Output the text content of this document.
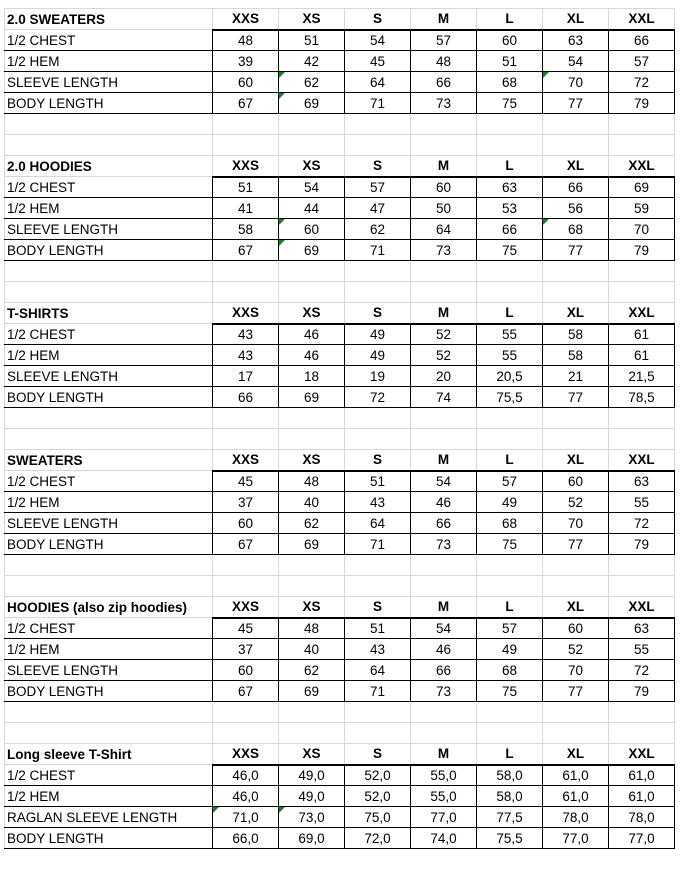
2.0 SWEATERS	XXS	XS	S	M	L	XL	XXL
1/2 CHEST	48	51	54	57	60	63	66
1/2 HEM	39	42	45	48	51	54	57
SLEEVE LENGTH	60	62	64	66	68	70	72
BODY LENGTH	67	69	71	73	75	77	79

2.0 HOODIES	XXS	XS	S	M	L	XL	XXL
1/2 CHEST	51	54	57	60	63	66	69
1/2 HEM	41	44	47	50	53	56	59
SLEEVE LENGTH	58	60	62	64	66	68	70
BODY LENGTH	67	69	71	73	75	77	79

T-SHIRTS	XXS	XS	S	M	L	XL	XXL
1/2 CHEST	43	46	49	52	55	58	61
1/2 HEM	43	46	49	52	55	58	61
SLEEVE LENGTH	17	18	19	20	20,5	21	21,5
BODY LENGTH	66	69	72	74	75,5	77	78,5

SWEATERS	XXS	XS	S	M	L	XL	XXL
1/2 CHEST	45	48	51	54	57	60	63
1/2 HEM	37	40	43	46	49	52	55
SLEEVE LENGTH	60	62	64	66	68	70	72
BODY LENGTH	67	69	71	73	75	77	79

HOODIES (also zip hoodies)	XXS	XS	S	M	L	XL	XXL
1/2 CHEST	45	48	51	54	57	60	63
1/2 HEM	37	40	43	46	49	52	55
SLEEVE LENGTH	60	62	64	66	68	70	72
BODY LENGTH	67	69	71	73	75	77	79

Long sleeve T-Shirt	XXS	XS	S	M	L	XL	XXL
1/2 CHEST	46,0	49,0	52,0	55,0	58,0	61,0	61,0
1/2 HEM	46,0	49,0	52,0	55,0	58,0	61,0	61,0
RAGLAN SLEEVE LENGTH	71,0	73,0	75,0	77,0	77,5	78,0	78,0
BODY LENGTH	66,0	69,0	72,0	74,0	75,5	77,0	77,0
